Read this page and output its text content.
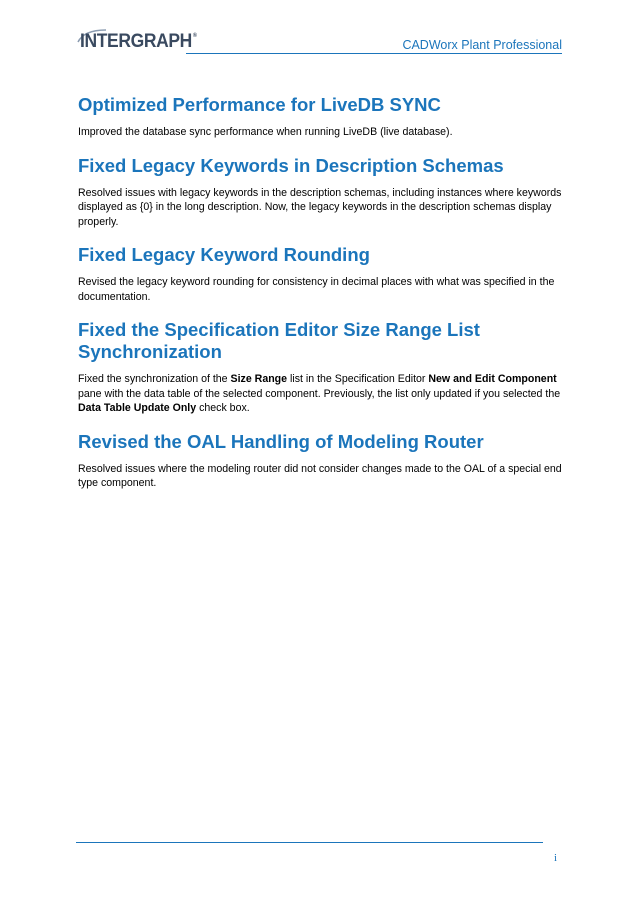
INTERGRAPH®
CADWorx Plant Professional
Optimized Performance for LiveDB SYNC

Improved the database sync performance when running LiveDB (live database).

Fixed Legacy Keywords in Description Schemas

Resolved issues with legacy keywords in the description schemas, including instances where keywords displayed as {0} in the long description. Now, the legacy keywords in the description schemas display properly.

Fixed Legacy Keyword Rounding

Revised the legacy keyword rounding for consistency in decimal places with what was specified in the documentation.

Fixed the Specification Editor Size Range List Synchronization

Fixed the synchronization of the Size Range list in the Specification Editor New and Edit Component pane with the data table of the selected component. Previously, the list only updated if you selected the Data Table Update Only check box.

Revised the OAL Handling of Modeling Router

Resolved issues where the modeling router did not consider changes made to the OAL of a special end type component.

i
